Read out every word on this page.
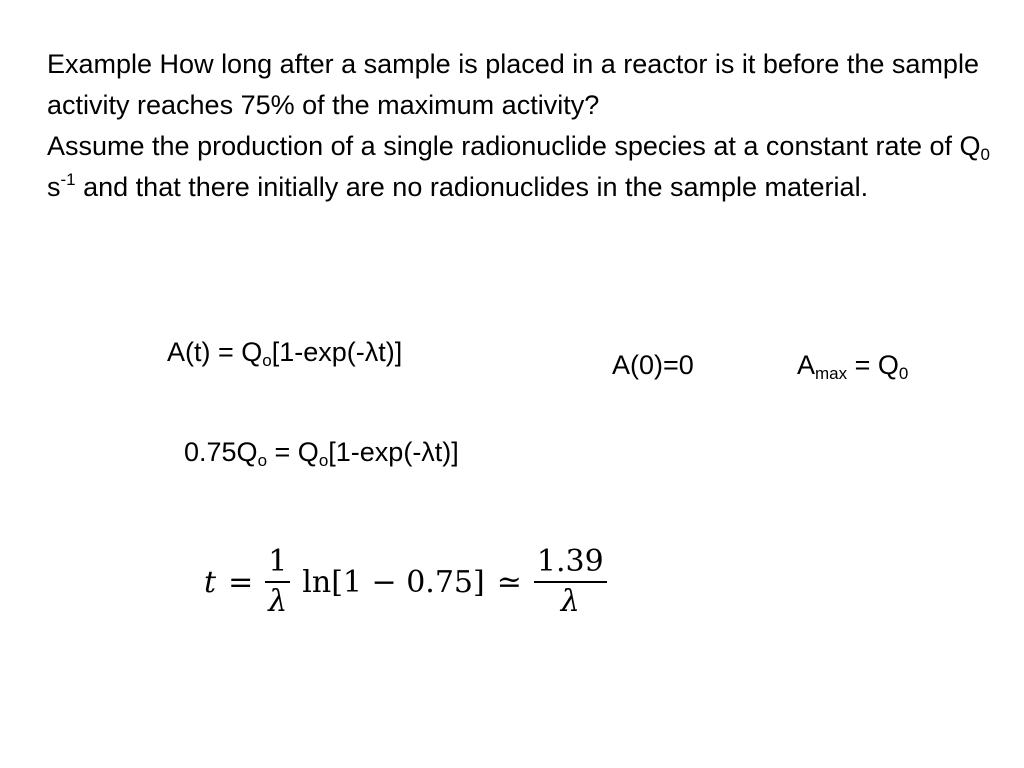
Example How long after a sample is placed in a reactor is it before the sample activity reaches 75% of the maximum activity?

Assume the production of a single radionuclide species at a constant rate of $Q_0$ $s^{-1}$ and that there initially are no radionuclides in the sample material.

$A(t) = Q_o[1-\exp(-\lambda t)]$	A(0)=0	$A_{max} = Q_0$
$0.75Q_o = Q_o[1-\exp(-\lambda t)]$
$t = \frac{1}{\lambda} \ln[1 - 0.75]$ ≃ $\frac{1.39}{\lambda}$
